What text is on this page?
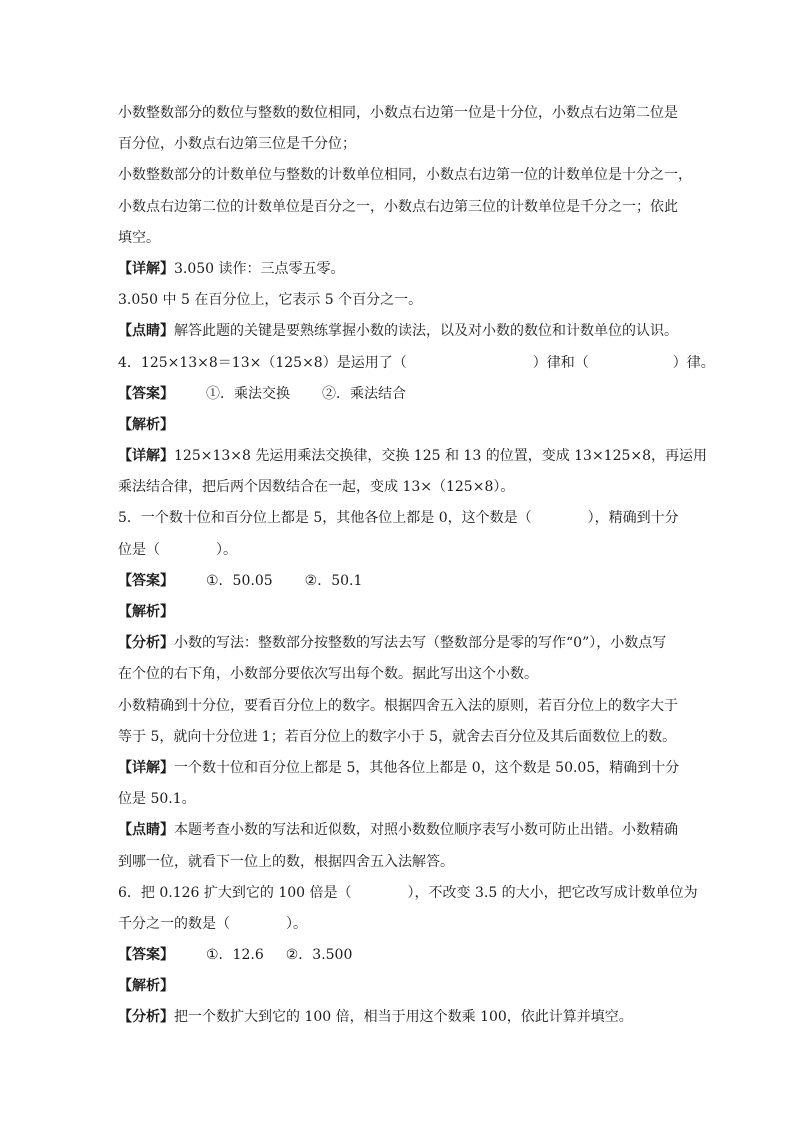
小数整数部分的数位与整数的数位相同，小数点右边第一位是十分位，小数点右边第二位是
百分位，小数点右边第三位是千分位；
小数整数部分的计数单位与整数的计数单位相同，小数点右边第一位的计数单位是十分之一，
小数点右边第二位的计数单位是百分之一，小数点右边第三位的计数单位是千分之一；依此
填空。
【详解】3.050 读作：三点零五零。
3.050 中 5 在百分位上，它表示 5 个百分之一。
【点睛】解答此题的关键是要熟练掌握小数的读法，以及对小数的数位和计数单位的认识。
4．125×13×8＝13×（125×8）是运用了（　　　　　　　　　）律和（　　　　　　）律。
【答案】 ①．乘法交换 ②．乘法结合
【解析】
【详解】125×13×8 先运用乘法交换律，交换 125 和 13 的位置，变成 13×125×8，再运用
乘法结合律，把后两个因数结合在一起，变成 13×（125×8）。
5．一个数十位和百分位上都是 5，其他各位上都是 0，这个数是（　　　　），精确到十分
位是（　　　　）。
【答案】 ①．50.05 ②．50.1
【解析】
【分析】小数的写法：整数部分按整数的写法去写（整数部分是零的写作“0”），小数点写
在个位的右下角，小数部分要依次写出每个数。据此写出这个小数。
小数精确到十分位，要看百分位上的数字。根据四舍五入法的原则，若百分位上的数字大于
等于 5，就向十分位进 1；若百分位上的数字小于 5，就舍去百分位及其后面数位上的数。
【详解】一个数十位和百分位上都是 5，其他各位上都是 0，这个数是 50.05，精确到十分
位是 50.1。
【点睛】本题考查小数的写法和近似数，对照小数数位顺序表写小数可防止出错。小数精确
到哪一位，就看下一位上的数，根据四舍五入法解答。
6．把 0.126 扩大到它的 100 倍是（　　　　），不改变 3.5 的大小，把它改写成计数单位为
千分之一的数是（　　　　）。
【答案】 ①．12.6 ②．3.500
【解析】
【分析】把一个数扩大到它的 100 倍，相当于用这个数乘 100，依此计算并填空。
